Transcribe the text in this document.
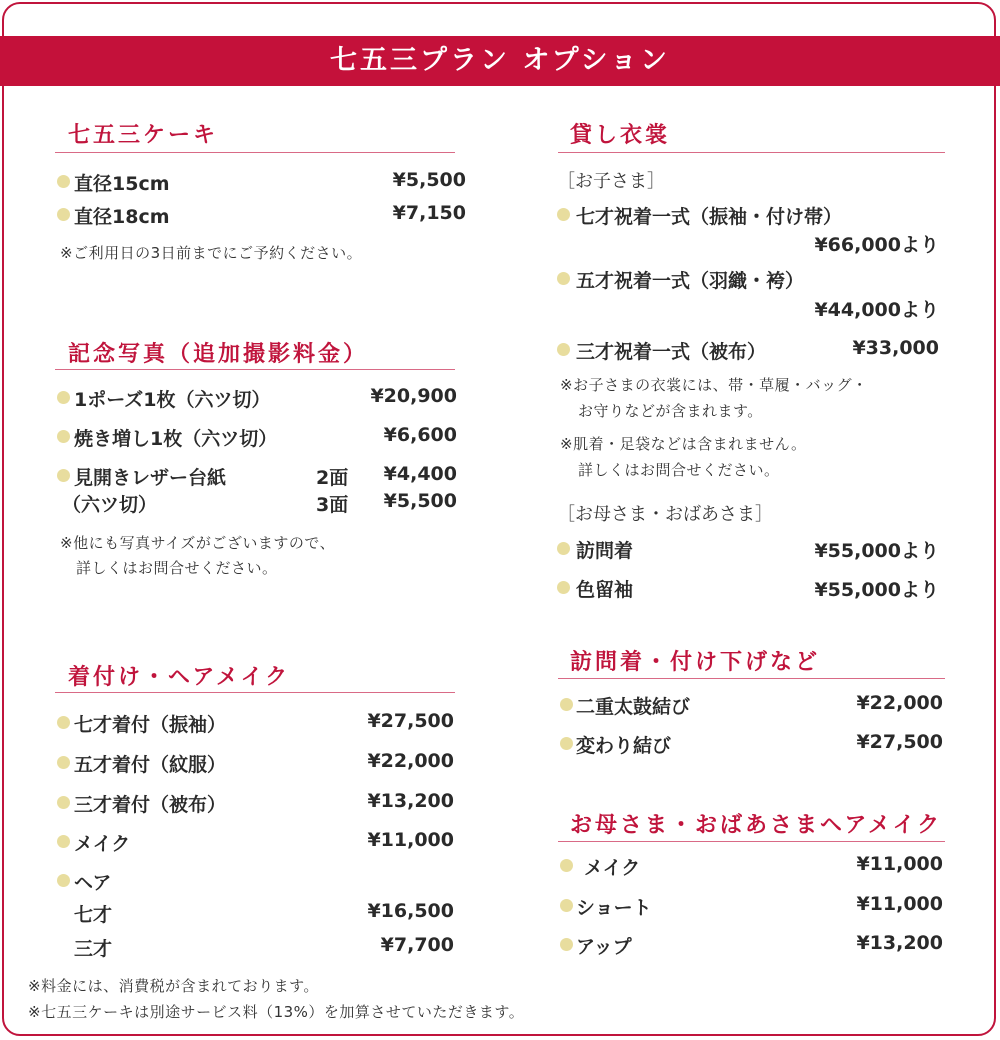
七五三プラン オプション
七五三ケーキ
直径15cm	¥5,500
直径18cm	¥7,150
※ご利用日の3日前までにご予約ください。
記念写真（追加撮影料金）
1ポーズ1枚（六ツ切）	¥20,900
焼き増し1枚（六ツ切）	¥6,600
見開きレザー台紙
（六ツ切）
2面 ¥4,400
3面 ¥5,500
※他にも写真サイズがございますので、
詳しくはお問合せください。
着付け・ヘアメイク
七才着付（振袖）	¥27,500
五才着付（紋服）	¥22,000
三才着付（被布）	¥13,200
メイク	¥11,000
ヘア
七才	¥16,500
三才	¥7,700
貸し衣裳
［お子さま］
七才祝着一式（振袖・付け帯）
¥66,000より
五才祝着一式（羽織・袴）
¥44,000より
三才祝着一式（被布）	¥33,000
※お子さまの衣裳には、帯・草履・バッグ・
お守りなどが含まれます。
※肌着・足袋などは含まれません。
詳しくはお問合せください。
［お母さま・おばあさま］
訪問着	¥55,000より
色留袖	¥55,000より
訪問着・付け下げなど
二重太鼓結び	¥22,000
変わり結び	¥27,500
お母さま・おばあさまヘアメイク
メイク	¥11,000
ショート	¥11,000
アップ	¥13,200
※料金には、消費税が含まれております。
※七五三ケーキは別途サービス料（13%）を加算させていただきます。
